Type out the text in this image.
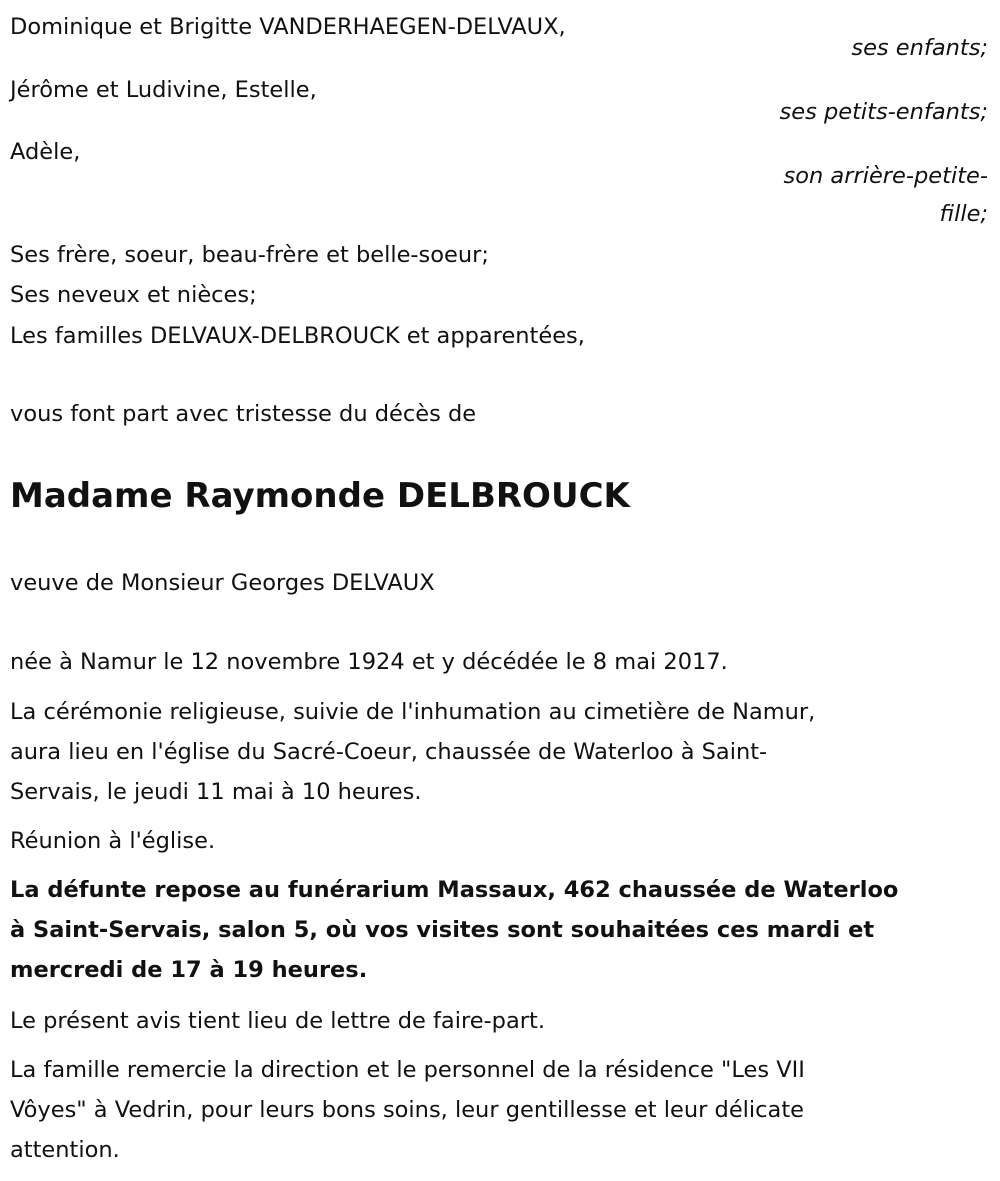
Dominique et Brigitte VANDERHAEGEN-DELVAUX,
ses enfants;
Jérôme et Ludivine, Estelle,
ses petits-enfants;
Adèle,
son arrière-petite-
fille;
Ses frère, soeur, beau-frère et belle-soeur;
Ses neveux et nièces;
Les familles DELVAUX-DELBROUCK et apparentées,
vous font part avec tristesse du décès de
Madame Raymonde DELBROUCK
veuve de Monsieur Georges DELVAUX
née à Namur le 12 novembre 1924 et y décédée le 8 mai 2017.
La cérémonie religieuse, suivie de l'inhumation au cimetière de Namur,
aura lieu en l'église du Sacré-Coeur, chaussée de Waterloo à Saint-
Servais, le jeudi 11 mai à 10 heures.
Réunion à l'église.
La défunte repose au funérarium Massaux, 462 chaussée de Waterloo
à Saint-Servais, salon 5, où vos visites sont souhaitées ces mardi et
mercredi de 17 à 19 heures.
Le présent avis tient lieu de lettre de faire-part.
La famille remercie la direction et le personnel de la résidence "Les VII
Vôyes" à Vedrin, pour leurs bons soins, leur gentillesse et leur délicate
attention.
